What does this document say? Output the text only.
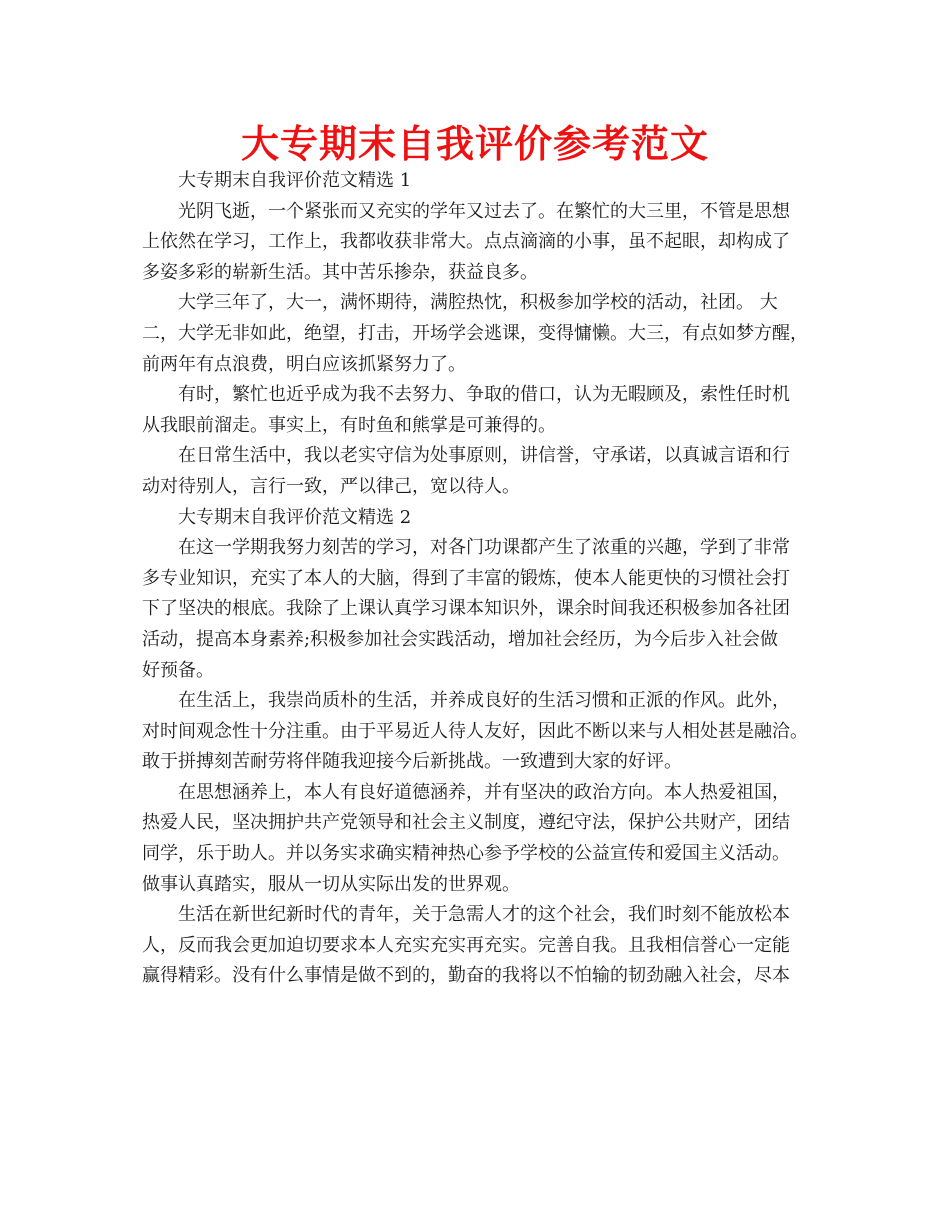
大专期末自我评价参考范文
大专期末自我评价范文精选 1
光阴飞逝，一个紧张而又充实的学年又过去了。在繁忙的大三里，不管是思想
上依然在学习，工作上，我都收获非常大。点点滴滴的小事，虽不起眼，却构成了
多姿多彩的崭新生活。其中苦乐掺杂，获益良多。
大学三年了，大一，满怀期待，满腔热忱，积极参加学校的活动，社团。 大
二，大学无非如此，绝望，打击，开场学会逃课，变得慵懒。大三，有点如梦方醒，
前两年有点浪费，明白应该抓紧努力了。
有时，繁忙也近乎成为我不去努力、争取的借口，认为无暇顾及，索性任时机
从我眼前溜走。事实上，有时鱼和熊掌是可兼得的。
在日常生活中，我以老实守信为处事原则，讲信誉，守承诺，以真诚言语和行
动对待别人，言行一致，严以律己，宽以待人。
大专期末自我评价范文精选 2
在这一学期我努力刻苦的学习，对各门功课都产生了浓重的兴趣，学到了非常
多专业知识，充实了本人的大脑，得到了丰富的锻炼，使本人能更快的习惯社会打
下了坚决的根底。我除了上课认真学习课本知识外，课余时间我还积极参加各社团
活动，提高本身素养;积极参加社会实践活动，增加社会经历，为今后步入社会做
好预备。
在生活上，我崇尚质朴的生活，并养成良好的生活习惯和正派的作风。此外，
对时间观念性十分注重。由于平易近人待人友好，因此不断以来与人相处甚是融洽。
敢于拼搏刻苦耐劳将伴随我迎接今后新挑战。一致遭到大家的好评。
在思想涵养上，本人有良好道德涵养，并有坚决的政治方向。本人热爱祖国，
热爱人民，坚决拥护共产党领导和社会主义制度，遵纪守法，保护公共财产，团结
同学，乐于助人。并以务实求确实精神热心参予学校的公益宣传和爱国主义活动。
做事认真踏实，服从一切从实际出发的世界观。
生活在新世纪新时代的青年，关于急需人才的这个社会，我们时刻不能放松本
人，反而我会更加迫切要求本人充实充实再充实。完善自我。且我相信誉心一定能
赢得精彩。没有什么事情是做不到的，勤奋的我将以不怕输的韧劲融入社会，尽本
